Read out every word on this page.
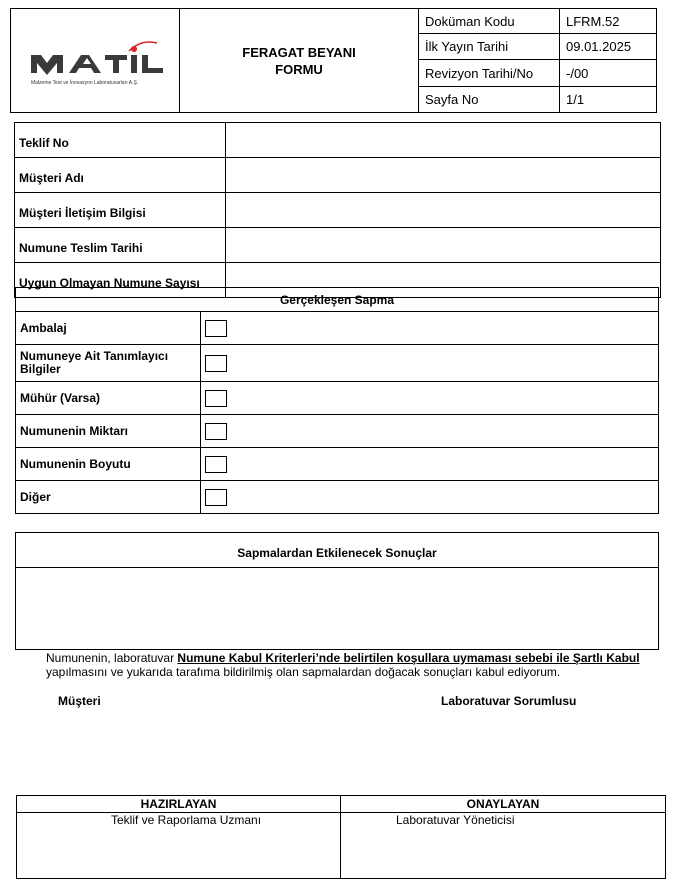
Malzeme Test ve İnovasyon Laboratuvarları A.Ş.	FERAGAT BEYANI
FORMU	Doküman Kodu	LFRM.52
		İlk Yayın Tarihi	09.01.2025
		Revizyon Tarihi/No	-/00
		Sayfa No	1/1
Teklif No	
Müşteri Adı	
Müşteri İletişim Bilgisi	
Numune Teslim Tarihi	
Uygun Olmayan Numune Sayısı	
Gerçekleşen Sapma	
Ambalaj	
Numuneye Ait Tanımlayıcı Bilgiler	
Mühür (Varsa)	
Numunenin Miktarı	
Numunenin Boyutu	
Diğer	
Sapmalardan Etkilenecek Sonuçlar
Numunenin, laboratuvar Numune Kabul Kriterleri’nde belirtilen koşullara uymaması sebebi ile Şartlı Kabul yapılmasını ve yukarıda tarafıma bildirilmiş olan sapmalardan doğacak sonuçları kabul ediyorum.
Müşteri	Laboratuvar Sorumlusu
HAZIRLAYAN	ONAYLAYAN
Teklif ve Raporlama Uzmanı	Laboratuvar Yöneticisi
